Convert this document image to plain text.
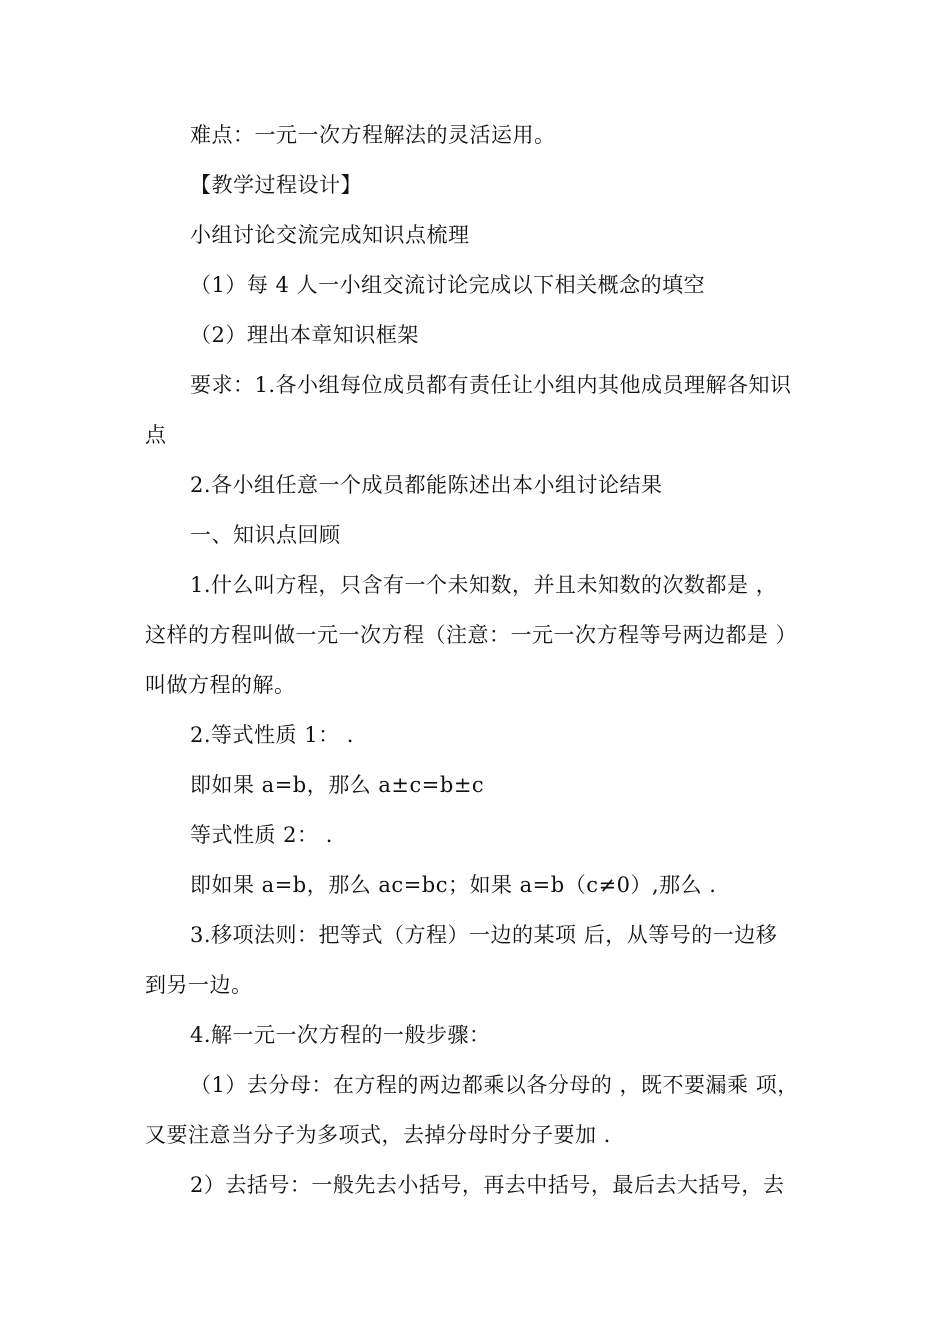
难点：一元一次方程解法的灵活运用。
【教学过程设计】
小组讨论交流完成知识点梳理
（1）每 4 人一小组交流讨论完成以下相关概念的填空
（2）理出本章知识框架
要求：1.各小组每位成员都有责任让小组内其他成员理解各知识
点
2.各小组任意一个成员都能陈述出本小组讨论结果
一、知识点回顾
1.什么叫方程，只含有一个未知数，并且未知数的次数都是 ，
这样的方程叫做一元一次方程（注意：一元一次方程等号两边都是 ）
叫做方程的解。
2.等式性质 1： .
即如果 a=b，那么 a±c=b±c
等式性质 2： .
即如果 a=b，那么 ac=bc；如果 a=b（c≠0）,那么 .
3.移项法则：把等式（方程）一边的某项 后，从等号的一边移
到另一边。
4.解一元一次方程的一般步骤：
（1）去分母：在方程的两边都乘以各分母的 ，既不要漏乘 项，
又要注意当分子为多项式，去掉分母时分子要加 .
2）去括号：一般先去小括号，再去中括号，最后去大括号，去
